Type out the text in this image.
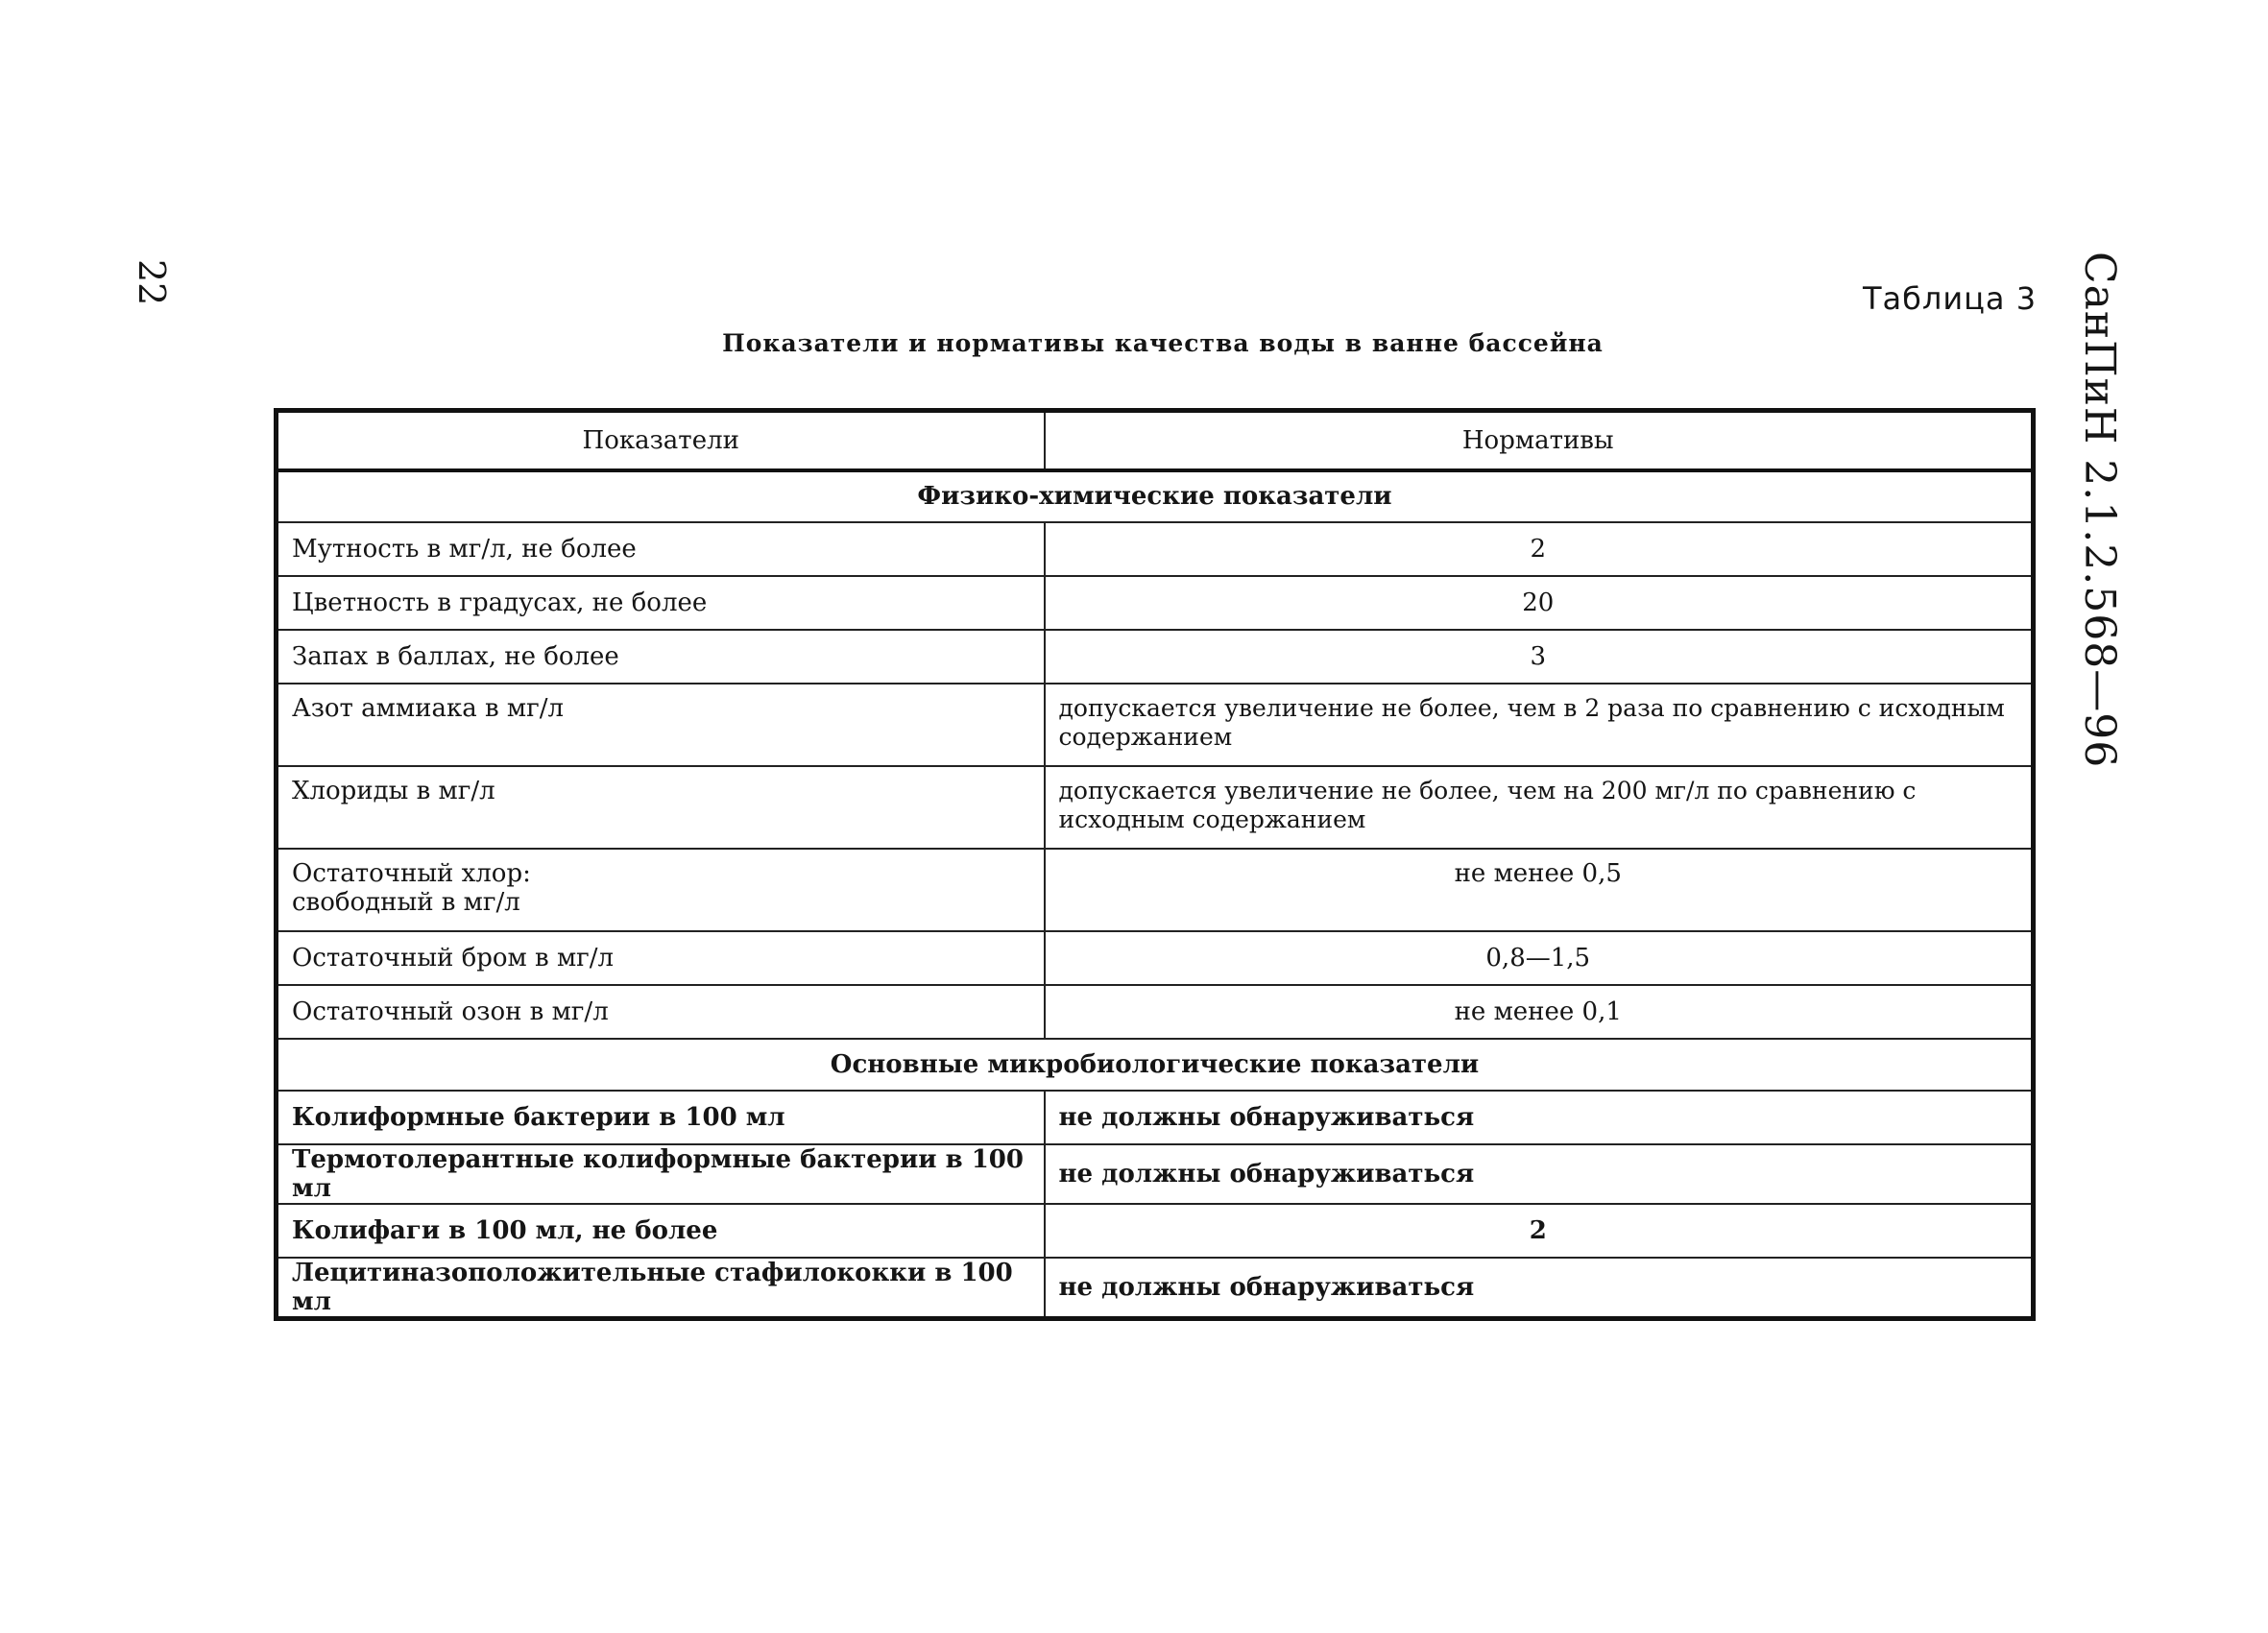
22	СанПиН 2.1.2.568—96
Таблица 3
Показатели и нормативы качества воды в ванне бассейна
Показатели	Нормативы
Физико-химические показатели	
Мутность в мг/л, не более	2
Цветность в градусах, не более	20
Запах в баллах, не более	3
Азот аммиака в мг/л	допускается увеличение не более, чем в 2 раза по сравнению с исходным содержанием
Хлориды в мг/л	допускается увеличение не более, чем на 200 мг/л по сравнению с исходным содержанием

Остаточный хлор:
свободный в мг/л	не менее 0,5
Остаточный бром в мг/л	0,8—1,5
Остаточный озон в мг/л	не менее 0,1
Основные микробиологические показатели	
Колиформные бактерии в 100 мл	не должны обнаруживаться
Термотолерантные колиформные бактерии в 100 мл	не должны обнаруживаться
Колифаги в 100 мл, не более	2
Лецитиназоположительные стафилококки в 100 мл	не должны обнаруживаться
